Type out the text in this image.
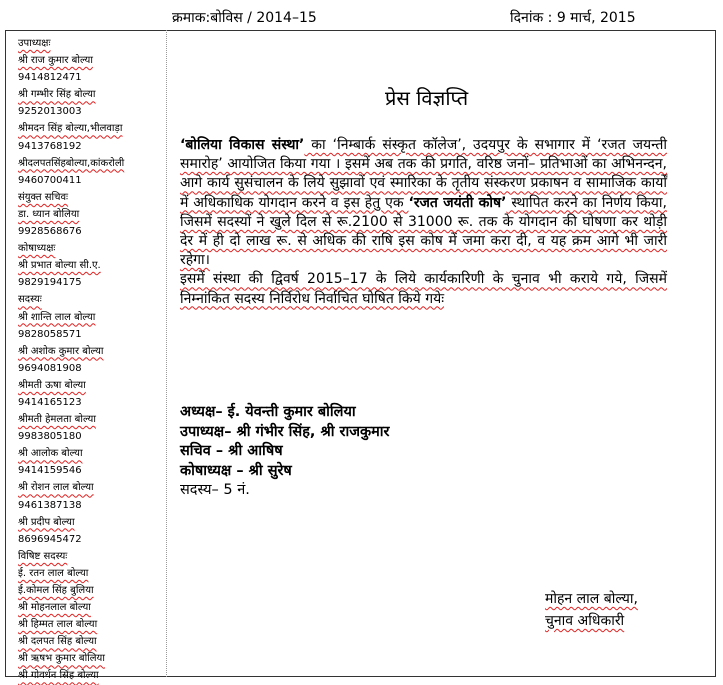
क्रमाक:बोविस / 2014–15	दिनांक : 9 मार्च, 2015
उपाध्यक्षः
श्री राज कुमार बोल्या
9414812471
श्री गम्भीर सिंह बोल्या
9252013003
श्रीमदन सिंह बोल्या,भीलवाड़ा
9413768192
श्रीदलपतसिंहबोल्या,कांकरोली
9460700411
संयुक्त सचिवः
डा. ध्यान बोलिया
9928568676
कोषाध्यक्षः
श्री प्रभात बोल्या सी.ए.
9829194175
सदस्यः
श्री शान्ति लाल बोल्या
9828058571
श्री अशोक कुमार बोल्या
9694081908
श्रीमती ऊषा बोल्या
9414165123
श्रीमती हेमलता बोल्या
9983805180
श्री आलोक बोल्या
9414159546
श्री रोशन लाल बोल्या
9461387138
श्री प्रदीप बोल्या
8696945472
विषिष्ट सदस्यः
ई. रतन लाल बोल्या
ई.कोमल सिंह बुलिया
श्री मोहनलाल बोल्या
श्री हिम्मत लाल बोल्या
श्री दलपत सिंह बोल्या
श्री ऋषभ कुमार बोलिया
श्री गोवर्धन सिंह बोल्या
प्रेस विज्ञप्ति

‘बोलिया विकास संस्था’ का ‘निम्बार्क संस्कृत कॉलेज’, उदयपुर के सभागार में ‘रजत जयन्ती समारोह’ आयोजित किया गया । इसमें अब तक की प्रगति, वरिष्ठ जनों– प्रतिभाओं का अभिनन्दन, आगे कार्य सुसंचालन के लिये सुझावों एवं स्मारिका के तृतीय संस्करण प्रकाषन व सामाजिक कार्यों में अधिकाधिक योगदान करने व इस हेतु एक ‘रजत जयंती कोष’ स्थापित करने का निर्णय किया, जिसमें सदस्यों ने खुले दिल से रू.2100 से 31000 रू. तक के योगदान की घोषणा कर थोड़ी देर में ही दो लाख रू. से अधिक की राषि इस कोष में जमा करा दी, व यह क्रम आगे भी जारी रहेगा।

इसमें संस्था की द्विवर्ष 2015–17 के लिये कार्यकारिणी के चुनाव भी कराये गये, जिसमें निम्नांकित सदस्य निर्विरोध निर्वाचित घोषित किये गयेः

अध्यक्ष– ई. येवन्ती कुमार बोलिया
उपाध्यक्ष– श्री गंभीर सिंह, श्री राजकुमार
सचिव – श्री आषिष
कोषाध्यक्ष – श्री सुरेष
सदस्य– 5 नं.
मोहन लाल बोल्या,
चुनाव अधिकारी
